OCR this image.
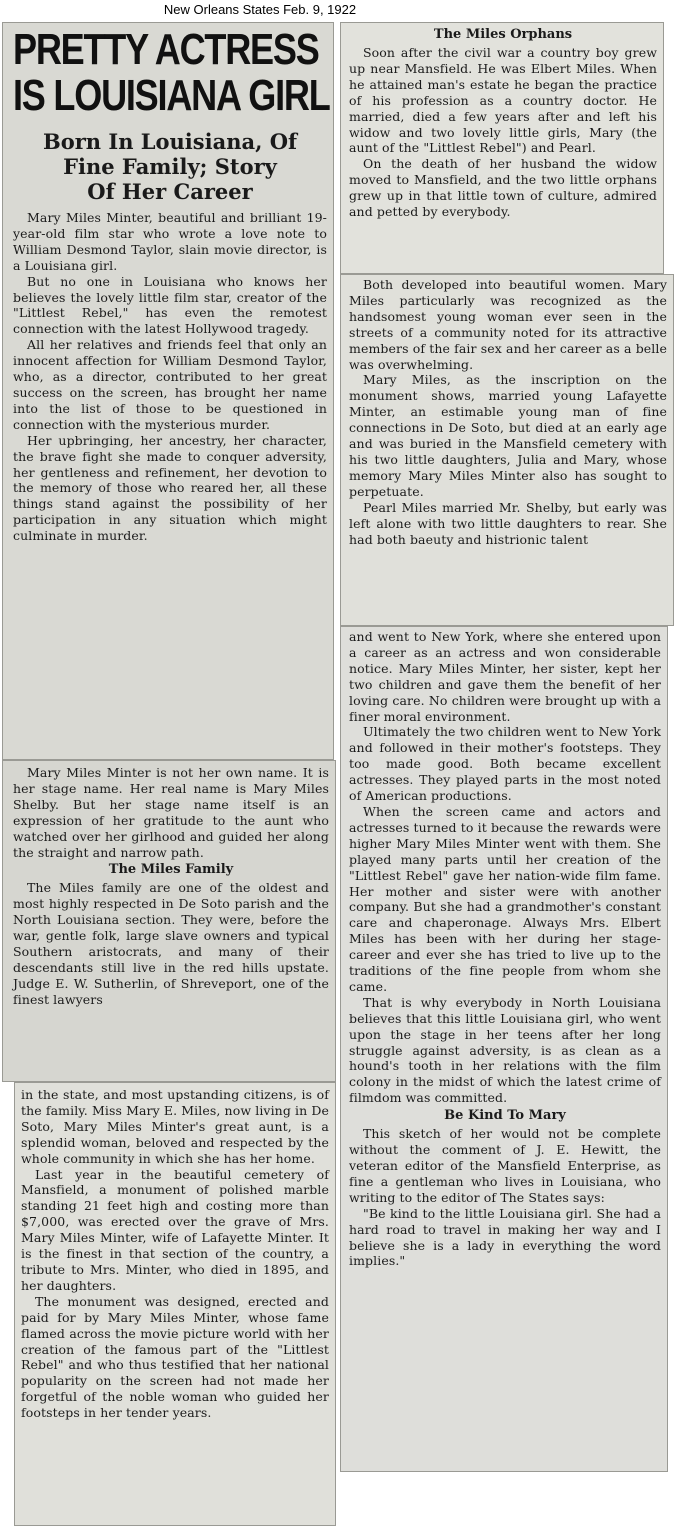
New Orleans States Feb. 9, 1922
PRETTY ACTRESS
IS LOUISIANA GIRL
Born In Louisiana, Of
Fine Family; Story
Of Her Career

Mary Miles Minter, beautiful and brilliant 19-year-old film star who wrote a love note to William Desmond Taylor, slain movie director, is a Louisiana girl.

But no one in Louisiana who knows her believes the lovely little film star, creator of the "Littlest Rebel," has even the remotest connection with the latest Hollywood tragedy.

All her relatives and friends feel that only an innocent affection for William Desmond Taylor, who, as a director, contributed to her great success on the screen, has brought her name into the list of those to be questioned in connection with the mysterious murder.

Her upbringing, her ancestry, her character, the brave fight she made to conquer adversity, her gentleness and refinement, her devotion to the memory of those who reared her, all these things stand against the possibility of her participation in any situation which might culminate in murder.

Mary Miles Minter is not her own name. It is her stage name. Her real name is Mary Miles Shelby. But her stage name itself is an expression of her gratitude to the aunt who watched over her girlhood and guided her along the straight and narrow path.

The Miles Family

The Miles family are one of the oldest and most highly respected in De Soto parish and the North Louisiana section. They were, before the war, gentle folk, large slave owners and typical Southern aristocrats, and many of their descendants still live in the red hills upstate. Judge E. W. Sutherlin, of Shreveport, one of the finest lawyers

in the state, and most upstanding citizens, is of the family. Miss Mary E. Miles, now living in De Soto, Mary Miles Minter's great aunt, is a splendid woman, beloved and respected by the whole community in which she has her home.

Last year in the beautiful cemetery of Mansfield, a monument of polished marble standing 21 feet high and costing more than $7,000, was erected over the grave of Mrs. Mary Miles Minter, wife of Lafayette Minter. It is the finest in that section of the country, a tribute to Mrs. Minter, who died in 1895, and her daughters.

The monument was designed, erected and paid for by Mary Miles Minter, whose fame flamed across the movie picture world with her creation of the famous part of the "Littlest Rebel" and who thus testified that her national popularity on the screen had not made her forgetful of the noble woman who guided her footsteps in her tender years.

The Miles Orphans

Soon after the civil war a country boy grew up near Mansfield. He was Elbert Miles. When he attained man's estate he began the practice of his profession as a country doctor. He married, died a few years after and left his widow and two lovely little girls, Mary (the aunt of the "Littlest Rebel") and Pearl.

On the death of her husband the widow moved to Mansfield, and the two little orphans grew up in that little town of culture, admired and petted by everybody.

Both developed into beautiful women. Mary Miles particularly was recognized as the handsomest young woman ever seen in the streets of a community noted for its attractive members of the fair sex and her career as a belle was overwhelming.

Mary Miles, as the inscription on the monument shows, married young Lafayette Minter, an estimable young man of fine connections in De Soto, but died at an early age and was buried in the Mansfield cemetery with his two little daughters, Julia and Mary, whose memory Mary Miles Minter also has sought to perpetuate.

Pearl Miles married Mr. Shelby, but early was left alone with two little daughters to rear. She had both baeuty and histrionic talent

and went to New York, where she entered upon a career as an actress and won considerable notice. Mary Miles Minter, her sister, kept her two children and gave them the benefit of her loving care. No children were brought up with a finer moral environment.

Ultimately the two children went to New York and followed in their mother's footsteps. They too made good. Both became excellent actresses. They played parts in the most noted of American productions.

When the screen came and actors and actresses turned to it because the rewards were higher Mary Miles Minter went with them. She played many parts until her creation of the "Littlest Rebel" gave her nation-wide film fame. Her mother and sister were with another company. But she had a grandmother's constant care and chaperonage. Always Mrs. Elbert Miles has been with her during her stage-career and ever she has tried to live up to the traditions of the fine people from whom she came.

That is why everybody in North Louisiana believes that this little Louisiana girl, who went upon the stage in her teens after her long struggle against adversity, is as clean as a hound's tooth in her relations with the film colony in the midst of which the latest crime of filmdom was committed.

Be Kind To Mary

This sketch of her would not be complete without the comment of J. E. Hewitt, the veteran editor of the Mansfield Enterprise, as fine a gentleman who lives in Louisiana, who writing to the editor of The States says:

"Be kind to the little Louisiana girl. She had a hard road to travel in making her way and I believe she is a lady in everything the word implies."
